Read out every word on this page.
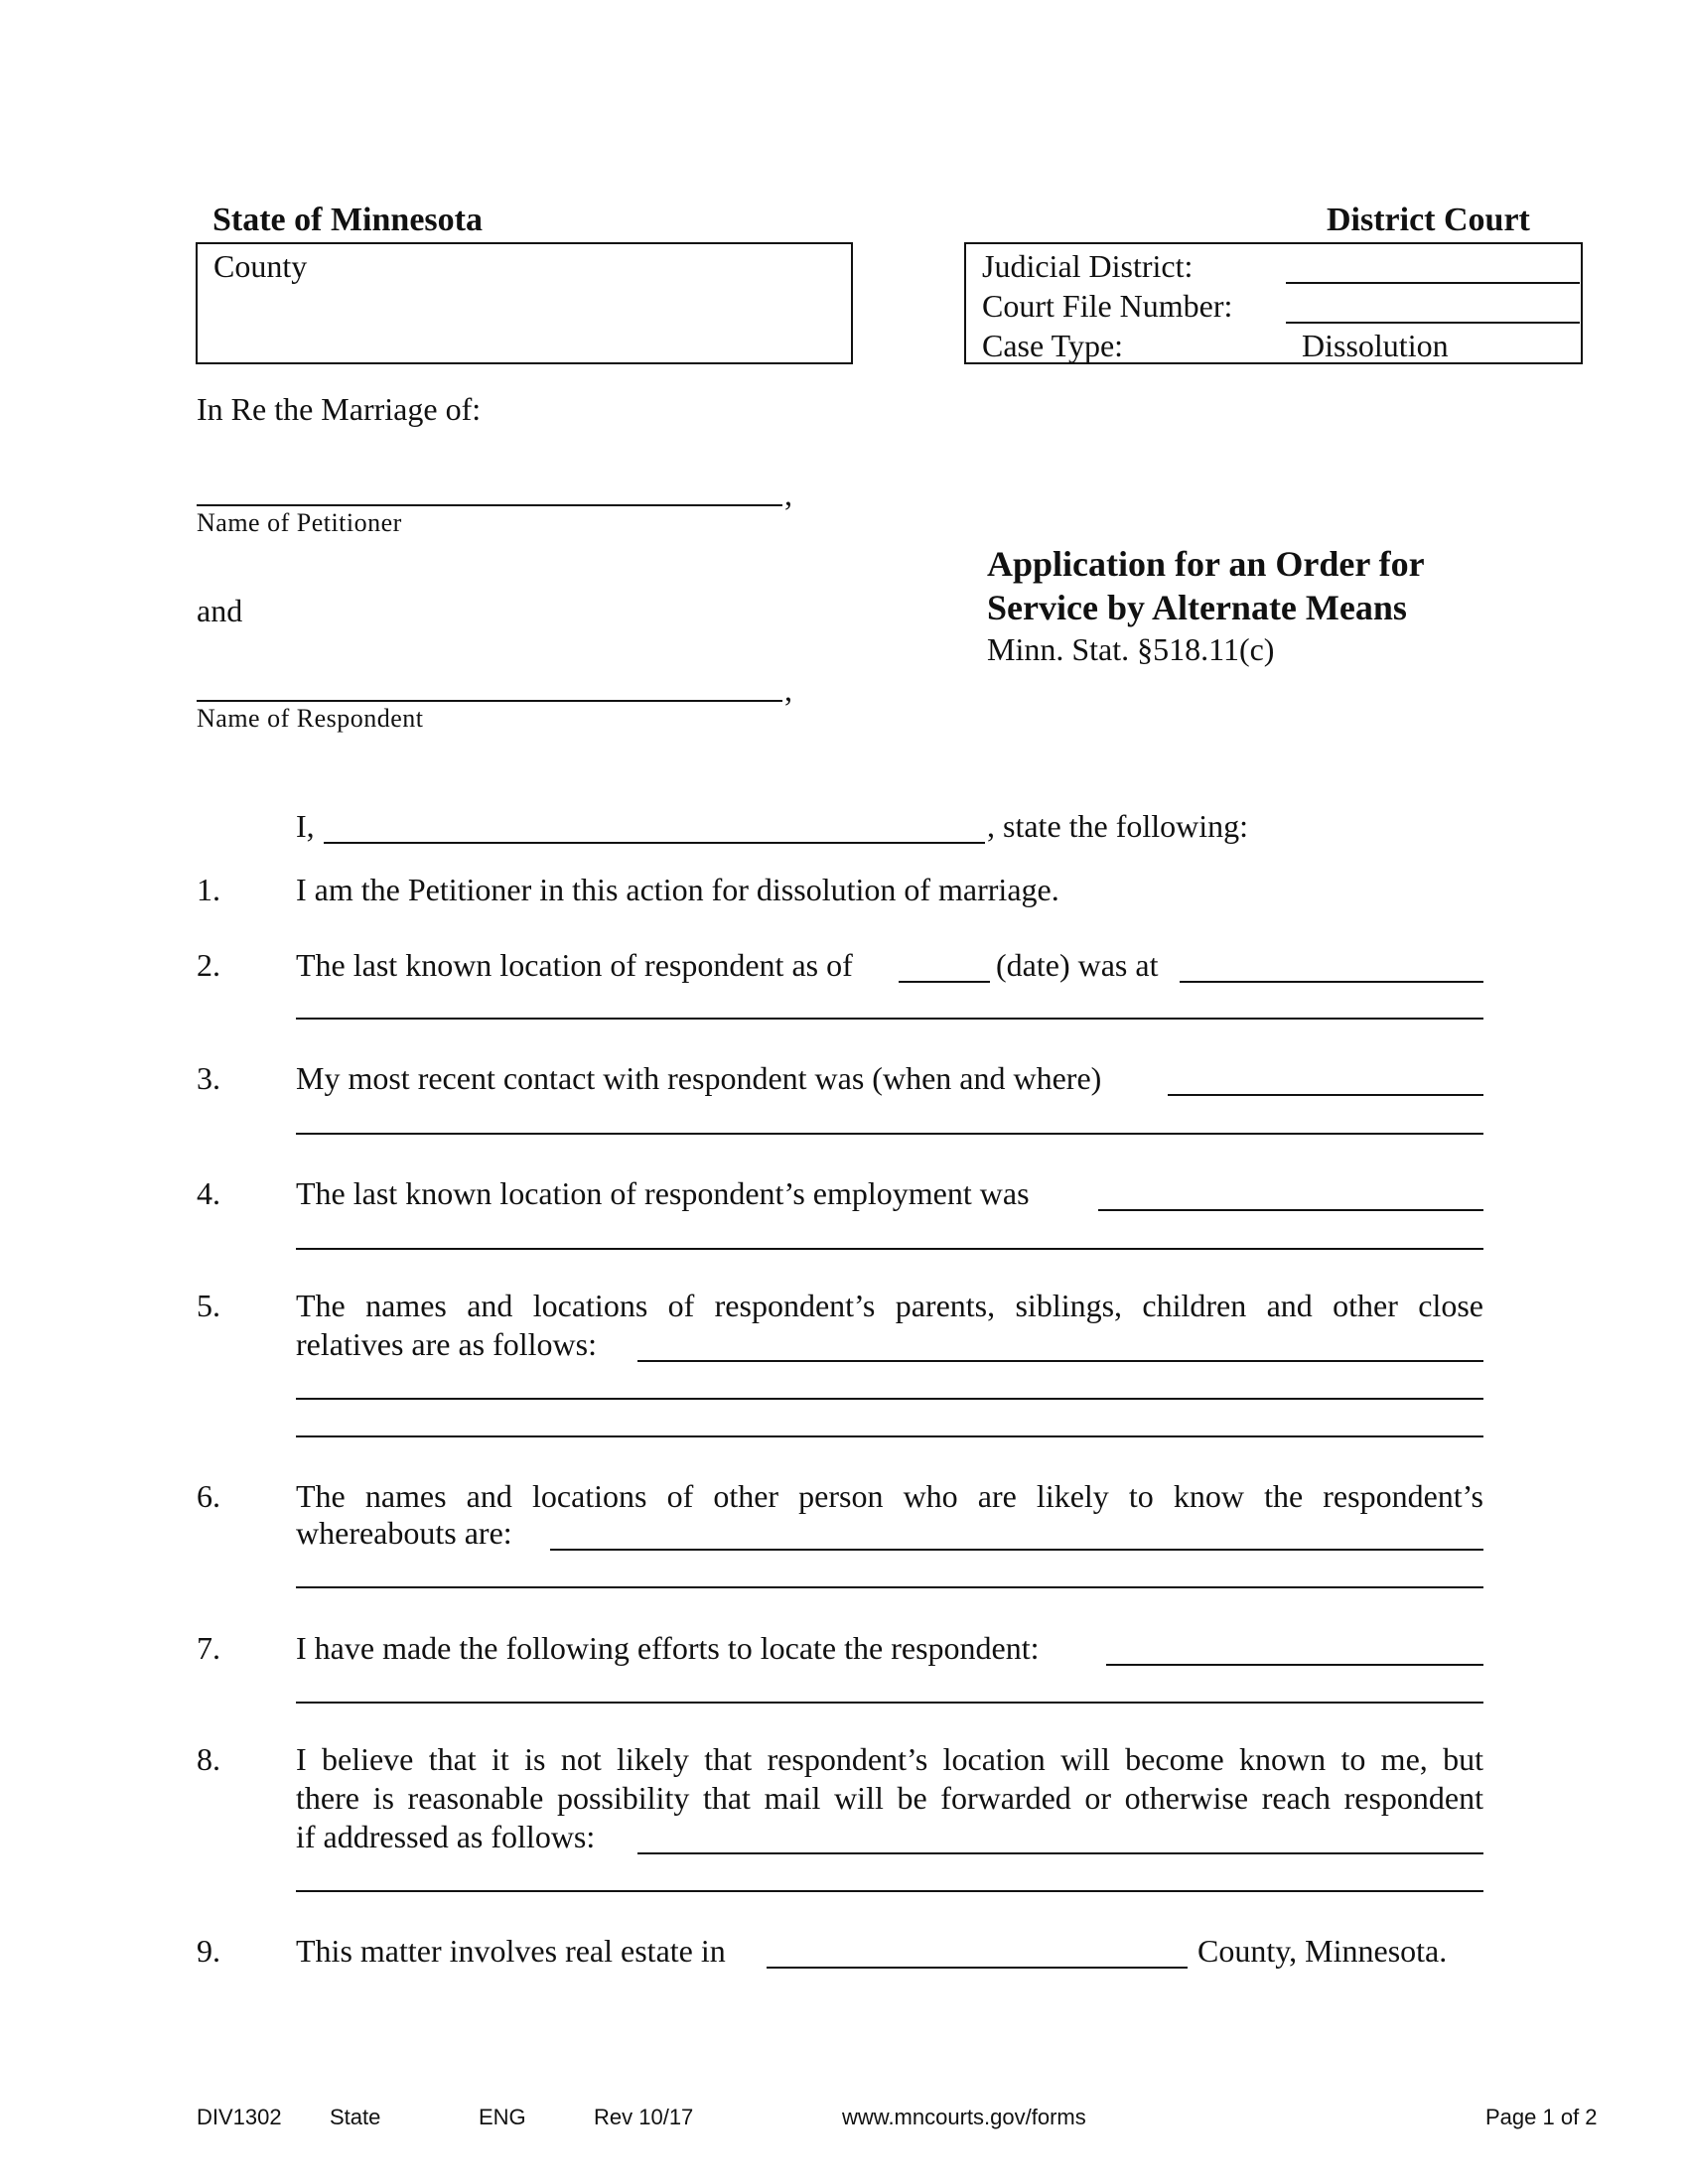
State of Minnesota	District Court
County	Judicial District:
Court File Number:
Case Type:	Dissolution
In Re the Marriage of:
,
Name of Petitioner
and
,
Name of Respondent
Application for an Order for
Service by Alternate Means
Minn. Stat. §518.11(c)
I,	, state the following:
1. I am the Petitioner in this action for dissolution of marriage.
2. The last known location of respondent as of	(date) was at
3. My most recent contact with respondent was (when and where)
4. The last known location of respondent’s employment was
5. The names and locations of respondent’s parents, siblings, children and other close
relatives are as follows:
6. The names and locations of other person who are likely to know the respondent’s
whereabouts are:
7. I have made the following efforts to locate the respondent:
8. I believe that it is not likely that respondent’s location will become known to me, but
there is reasonable possibility that mail will be forwarded or otherwise reach respondent
if addressed as follows:
9. This matter involves real estate in	County, Minnesota.
DIV1302 State	ENG	Rev 10/17	www.mncourts.gov/forms	Page 1 of 2
